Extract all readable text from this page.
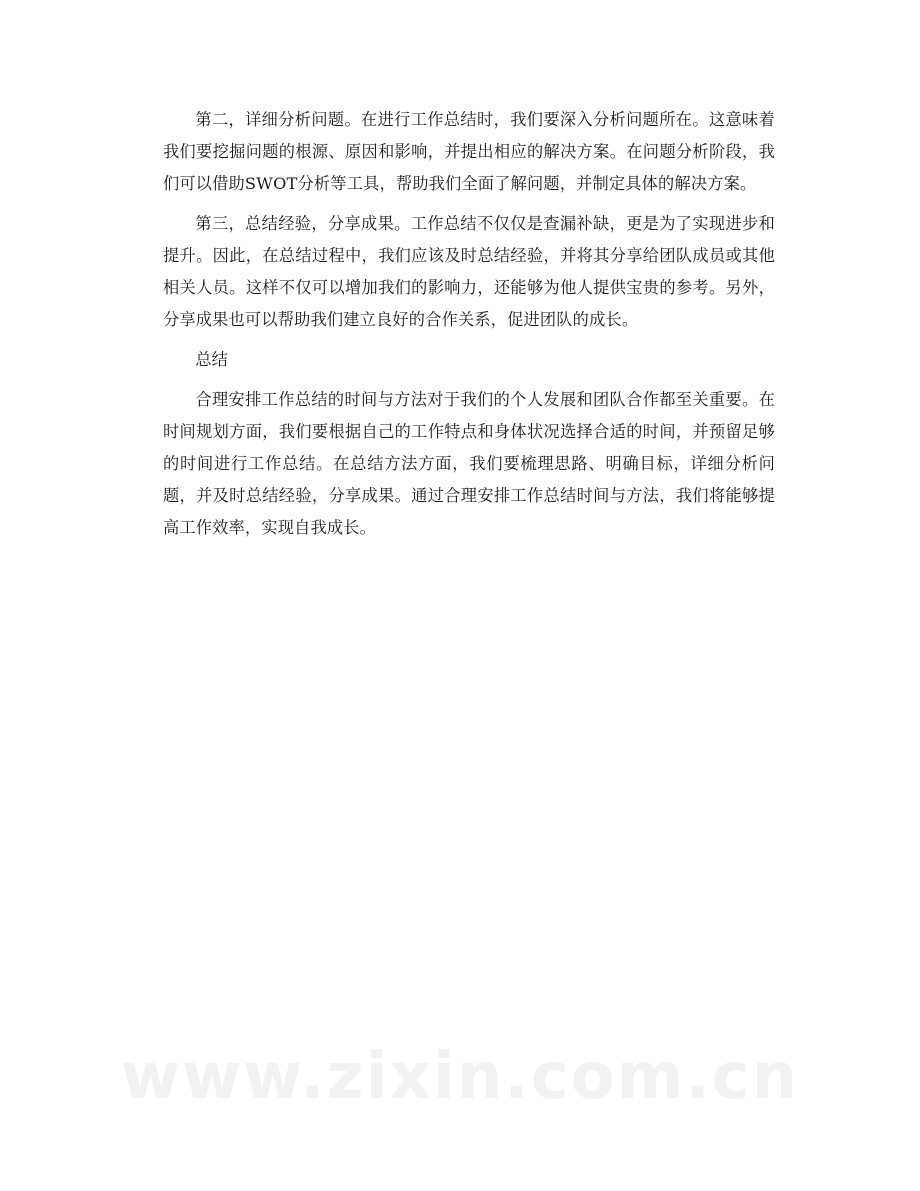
第二，详细分析问题。在进行工作总结时，我们要深入分析问题所在。这意味着我们要挖掘问题的根源、原因和影响，并提出相应的解决方案。在问题分析阶段，我们可以借助SWOT分析等工具，帮助我们全面了解问题，并制定具体的解决方案。

第三，总结经验，分享成果。工作总结不仅仅是查漏补缺，更是为了实现进步和提升。因此，在总结过程中，我们应该及时总结经验，并将其分享给团队成员或其他相关人员。这样不仅可以增加我们的影响力，还能够为他人提供宝贵的参考。另外，分享成果也可以帮助我们建立良好的合作关系，促进团队的成长。

总结

合理安排工作总结的时间与方法对于我们的个人发展和团队合作都至关重要。在时间规划方面，我们要根据自己的工作特点和身体状况选择合适的时间，并预留足够的时间进行工作总结。在总结方法方面，我们要梳理思路、明确目标，详细分析问题，并及时总结经验，分享成果。通过合理安排工作总结时间与方法，我们将能够提高工作效率，实现自我成长。

www.zixin.com.cn
